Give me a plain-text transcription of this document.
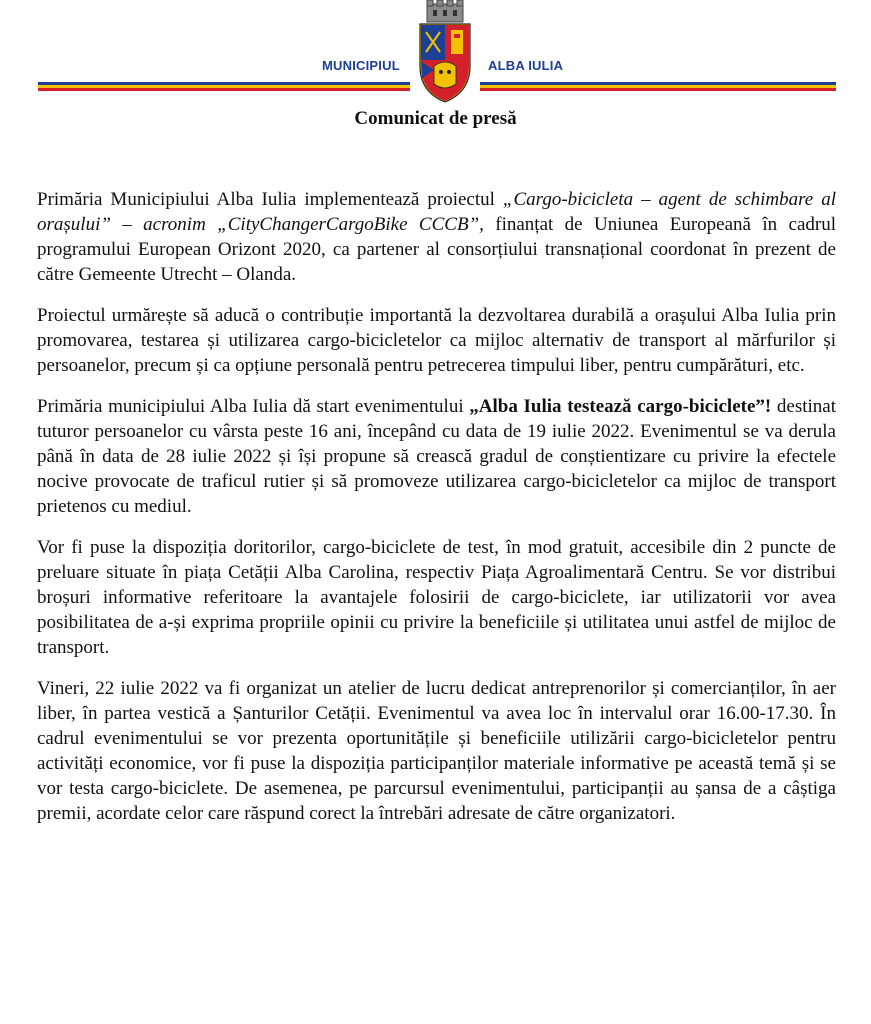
MUNICIPIUL	ALBA IULIA
Comunicat de presă

Primăria Municipiului Alba Iulia implementează proiectul „Cargo-bicicleta – agent de schimbare al orașului” – acronim „CityChangerCargoBike CCCB”, finanțat de Uniunea Europeană în cadrul programului European Orizont 2020, ca partener al consorțiului transnațional coordonat în prezent de către Gemeente Utrecht – Olanda.

Proiectul urmărește să aducă o contribuție importantă la dezvoltarea durabilă a orașului Alba Iulia prin promovarea, testarea și utilizarea cargo-bicicletelor ca mijloc alternativ de transport al mărfurilor și persoanelor, precum și ca opțiune personală pentru petrecerea timpului liber, pentru cumpărături, etc.

Primăria municipiului Alba Iulia dă start evenimentului „Alba Iulia testează cargo-biciclete”! destinat tuturor persoanelor cu vârsta peste 16 ani, începând cu data de 19 iulie 2022. Evenimentul se va derula până în data de 28 iulie 2022 și își propune să crească gradul de conștientizare cu privire la efectele nocive provocate de traficul rutier și să promoveze utilizarea cargo-bicicletelor ca mijloc de transport prietenos cu mediul.

Vor fi puse la dispoziția doritorilor, cargo-biciclete de test, în mod gratuit, accesibile din 2 puncte de preluare situate în piața Cetății Alba Carolina, respectiv Piața Agroalimentară Centru. Se vor distribui broșuri informative referitoare la avantajele folosirii de cargo-biciclete, iar utilizatorii vor avea posibilitatea de a-și exprima propriile opinii cu privire la beneficiile și utilitatea unui astfel de mijloc de transport.

Vineri, 22 iulie 2022 va fi organizat un atelier de lucru dedicat antreprenorilor și comercianților, în aer liber, în partea vestică a Șanturilor Cetății. Evenimentul va avea loc în intervalul orar 16.00-17.30. În cadrul evenimentului se vor prezenta oportunitățile și beneficiile utilizării cargo-bicicletelor pentru activități economice, vor fi puse la dispoziția participanților materiale informative pe această temă și se vor testa cargo-biciclete. De asemenea, pe parcursul evenimentului, participanții au șansa de a câștiga premii, acordate celor care răspund corect la întrebări adresate de către organizatori.
